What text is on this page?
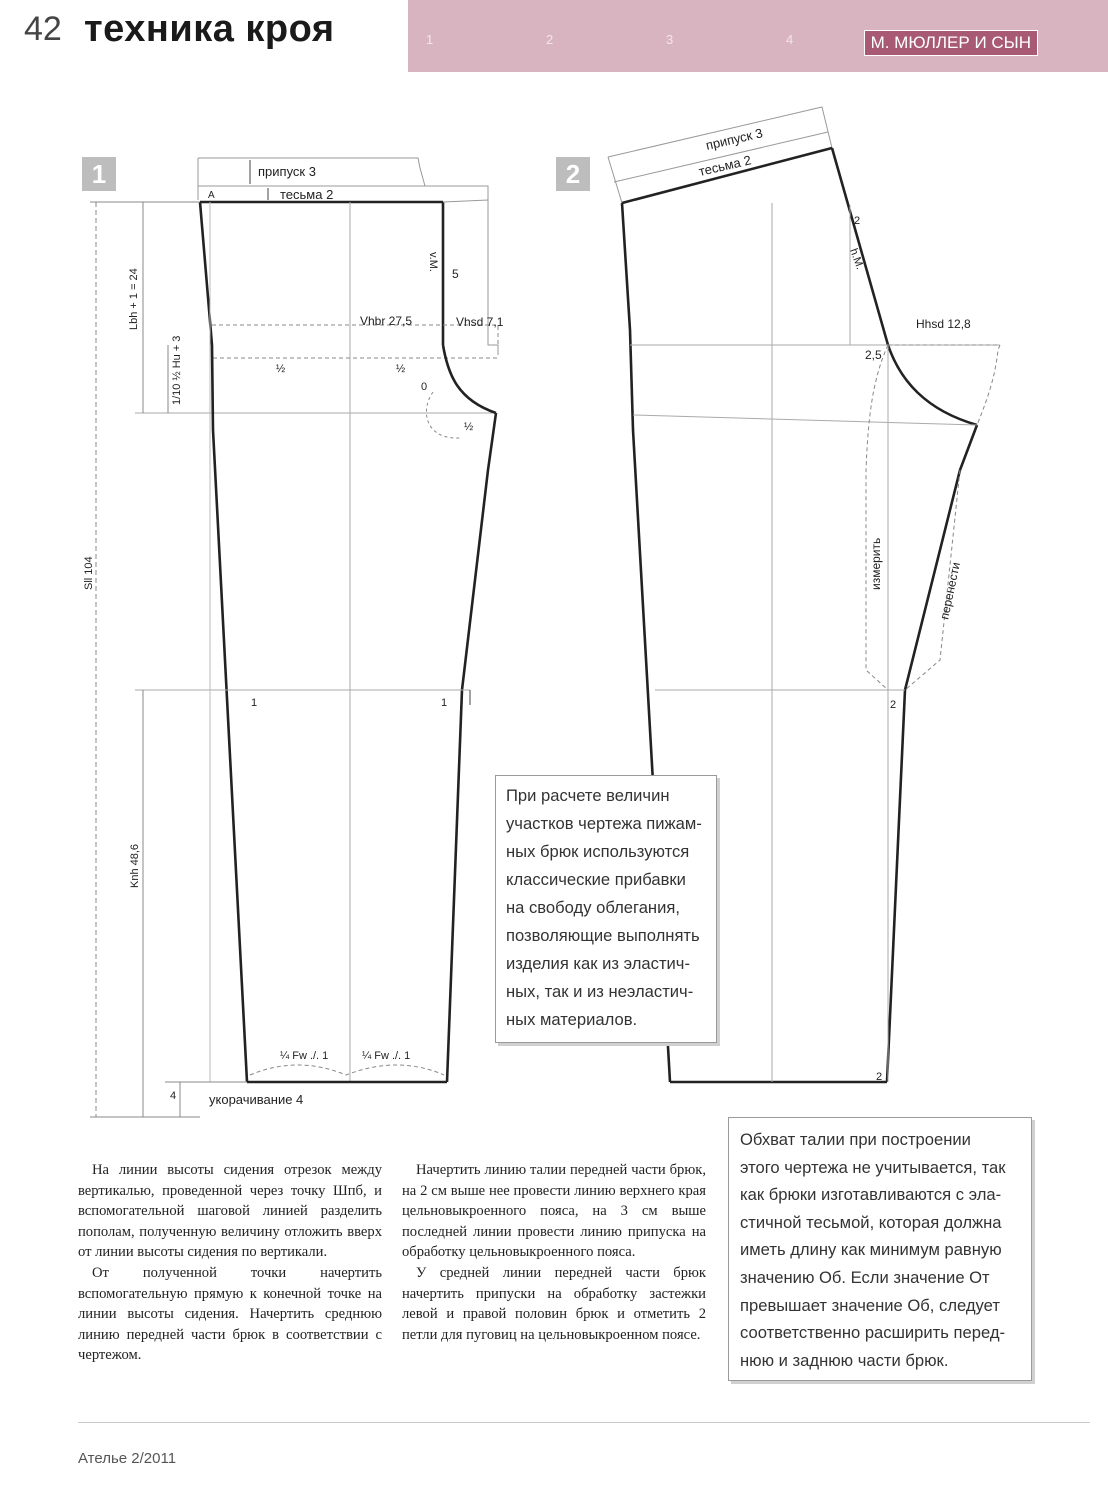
42 техника кроя	1	2	3	4	М. МЮЛЛЕР И СЫН
1	2
припуск 3
тесьма 2
A
v.M.
5
Vhbr 27,5	Vhsd 7,1
½	½
½
0
Lbh + 1 = 24
1/10 ½ Hu + 3
Sll 104
Knh 48,6
1	1
¼ Fw ./. 1	¼ Fw ./. 1
4	укорачивание 4
припуск 3
тесьма 2
2
h.M.
Hhsd 12,8
2,5
измерить	перенести
2
2

При расчете величин

участков чертежа пижам-

ных брюк используются

классические прибавки

на свободу облегания,

позволяющие выполнять

изделия как из эластич-

ных, так и из неэластич-

ных материалов.

Обхват талии при построении

этого чертежа не учитывается, так

как брюки изготавливаются с эла-

стичной тесьмой, которая должна

иметь длину как минимум равную

значению Об. Если значение От

превышает значение Об, следует

соответственно расширить перед-

нюю и заднюю части брюк.

На линии высоты сидения отрезок между вертикалью, проведенной через точку Шпб, и вспомогательной шаговой линией разделить пополам, полученную величину отложить вверх от линии высоты сидения по вертикали.

От полученной точки начертить вспомогательную прямую к конечной точке на линии высоты сидения. Начертить среднюю линию передней части брюк в соответствии с чертежом.

Начертить линию талии передней части брюк, на 2 см выше нее провести линию верхнего края цельновыкроенного пояса, на 3 см выше последней линии провести линию припуска на обработку цельновыкроенного пояса.

У средней линии передней части брюк начертить припуски на обработку застежки левой и правой половин брюк и отметить 2 петли для пуговиц на цельновыкроенном поясе.

Ателье 2/2011
